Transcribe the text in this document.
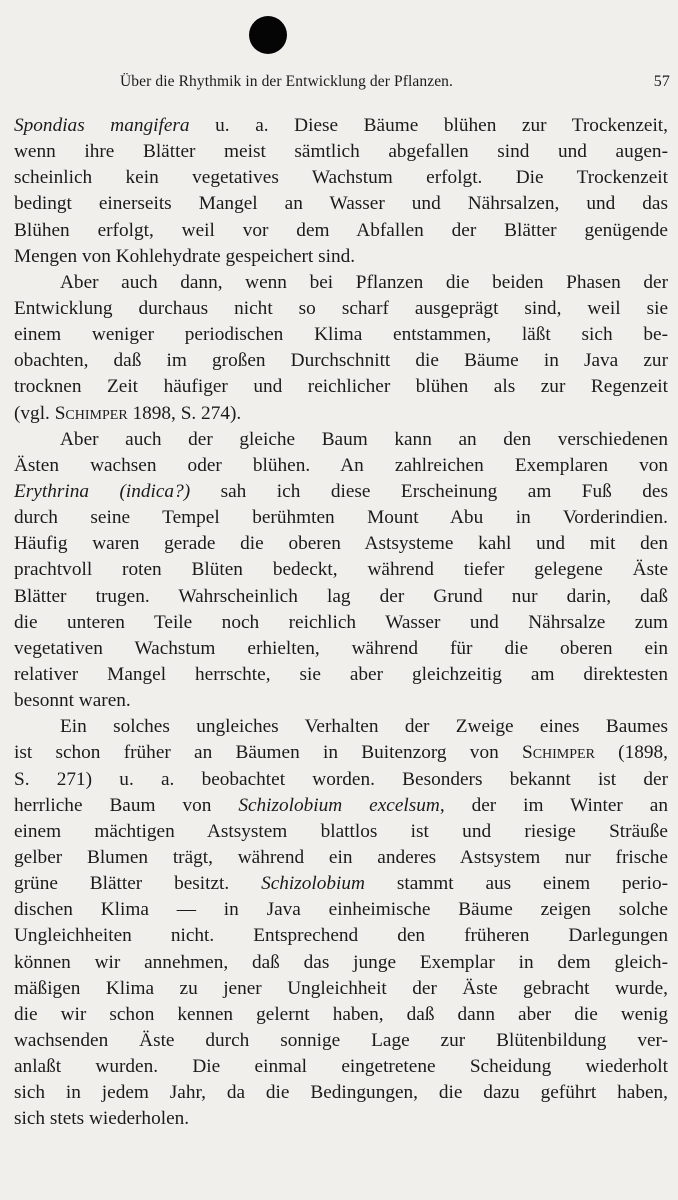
Über die Rhythmik in der Entwicklung der Pflanzen.	57
Spondias mangifera u. a. Diese Bäume blühen zur Trockenzeit,
wenn ihre Blätter meist sämtlich abgefallen sind und augen-
scheinlich kein vegetatives Wachstum erfolgt. Die Trockenzeit
bedingt einerseits Mangel an Wasser und Nährsalzen, und das
Blühen erfolgt, weil vor dem Abfallen der Blätter genügende
Mengen von Kohlehydrate gespeichert sind.
Aber auch dann, wenn bei Pflanzen die beiden Phasen der
Entwicklung durchaus nicht so scharf ausgeprägt sind, weil sie
einem weniger periodischen Klima entstammen, läßt sich be-
obachten, daß im großen Durchschnitt die Bäume in Java zur
trocknen Zeit häufiger und reichlicher blühen als zur Regenzeit
(vgl. Schimper 1898, S. 274).
Aber auch der gleiche Baum kann an den verschiedenen
Ästen wachsen oder blühen. An zahlreichen Exemplaren von
Erythrina (indica?) sah ich diese Erscheinung am Fuß des
durch seine Tempel berühmten Mount Abu in Vorderindien.
Häufig waren gerade die oberen Astsysteme kahl und mit den
prachtvoll roten Blüten bedeckt, während tiefer gelegene Äste
Blätter trugen. Wahrscheinlich lag der Grund nur darin, daß
die unteren Teile noch reichlich Wasser und Nährsalze zum
vegetativen Wachstum erhielten, während für die oberen ein
relativer Mangel herrschte, sie aber gleichzeitig am direktesten
besonnt waren.
Ein solches ungleiches Verhalten der Zweige eines Baumes
ist schon früher an Bäumen in Buitenzorg von Schimper (1898,
S. 271) u. a. beobachtet worden. Besonders bekannt ist der
herrliche Baum von Schizolobium excelsum, der im Winter an
einem mächtigen Astsystem blattlos ist und riesige Sträuße
gelber Blumen trägt, während ein anderes Astsystem nur frische
grüne Blätter besitzt. Schizolobium stammt aus einem perio-
dischen Klima — in Java einheimische Bäume zeigen solche
Ungleichheiten nicht. Entsprechend den früheren Darlegungen
können wir annehmen, daß das junge Exemplar in dem gleich-
mäßigen Klima zu jener Ungleichheit der Äste gebracht wurde,
die wir schon kennen gelernt haben, daß dann aber die wenig
wachsenden Äste durch sonnige Lage zur Blütenbildung ver-
anlaßt wurden. Die einmal eingetretene Scheidung wiederholt
sich in jedem Jahr, da die Bedingungen, die dazu geführt haben,
sich stets wiederholen.
